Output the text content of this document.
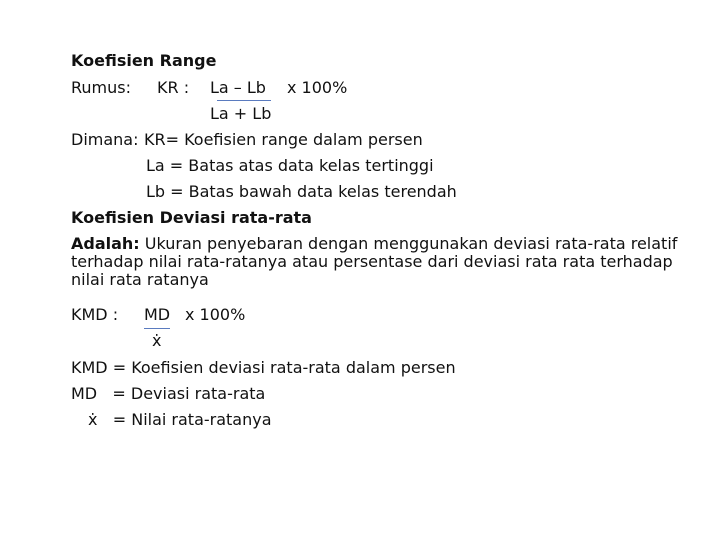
Koefisien Range
Rumus: KR : La – Lb x 100%
La + Lb
Dimana: KR= Koefisien range dalam persen
La = Batas atas data kelas tertinggi
Lb = Batas bawah data kelas terendah
Koefisien Deviasi rata-rata
Adalah: Ukuran penyebaran dengan menggunakan deviasi rata-rata relatif terhadap nilai rata-ratanya atau persentase dari deviasi rata rata terhadap nilai rata ratanya
KMD : MD x 100%
ẋ
KMD = Koefisien deviasi rata-rata dalam persen
MD   = Deviasi rata-rata
ẋ   = Nilai rata-ratanya
